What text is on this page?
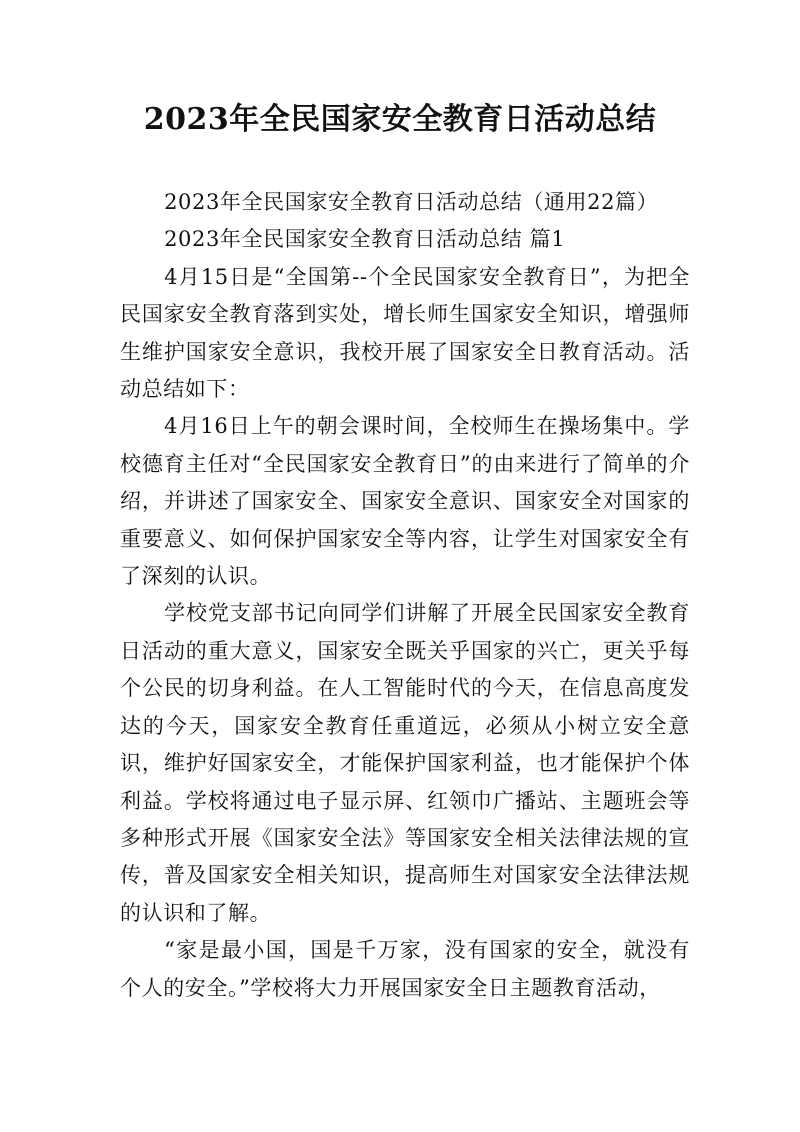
2023年全民国家安全教育日活动总结

2023年全民国家安全教育日活动总结（通用22篇）

2023年全民国家安全教育日活动总结 篇1

4月15日是“全国第--个全民国家安全教育日”，为把全民国家安全教育落到实处，增长师生国家安全知识，增强师生维护国家安全意识，我校开展了国家安全日教育活动。活动总结如下：

4月16日上午的朝会课时间，全校师生在操场集中。学校德育主任对“全民国家安全教育日”的由来进行了简单的介绍，并讲述了国家安全、国家安全意识、国家安全对国家的重要意义、如何保护国家安全等内容，让学生对国家安全有了深刻的认识。

学校党支部书记向同学们讲解了开展全民国家安全教育日活动的重大意义，国家安全既关乎国家的兴亡，更关乎每个公民的切身利益。在人工智能时代的今天，在信息高度发达的今天，国家安全教育任重道远，必须从小树立安全意识，维护好国家安全，才能保护国家利益，也才能保护个体利益。学校将通过电子显示屏、红领巾广播站、主题班会等多种形式开展《国家安全法》等国家安全相关法律法规的宣传，普及国家安全相关知识，提高师生对国家安全法律法规的认识和了解。

“家是最小国，国是千万家，没有国家的安全，就没有个人的安全。”学校将大力开展国家安全日主题教育活动，
